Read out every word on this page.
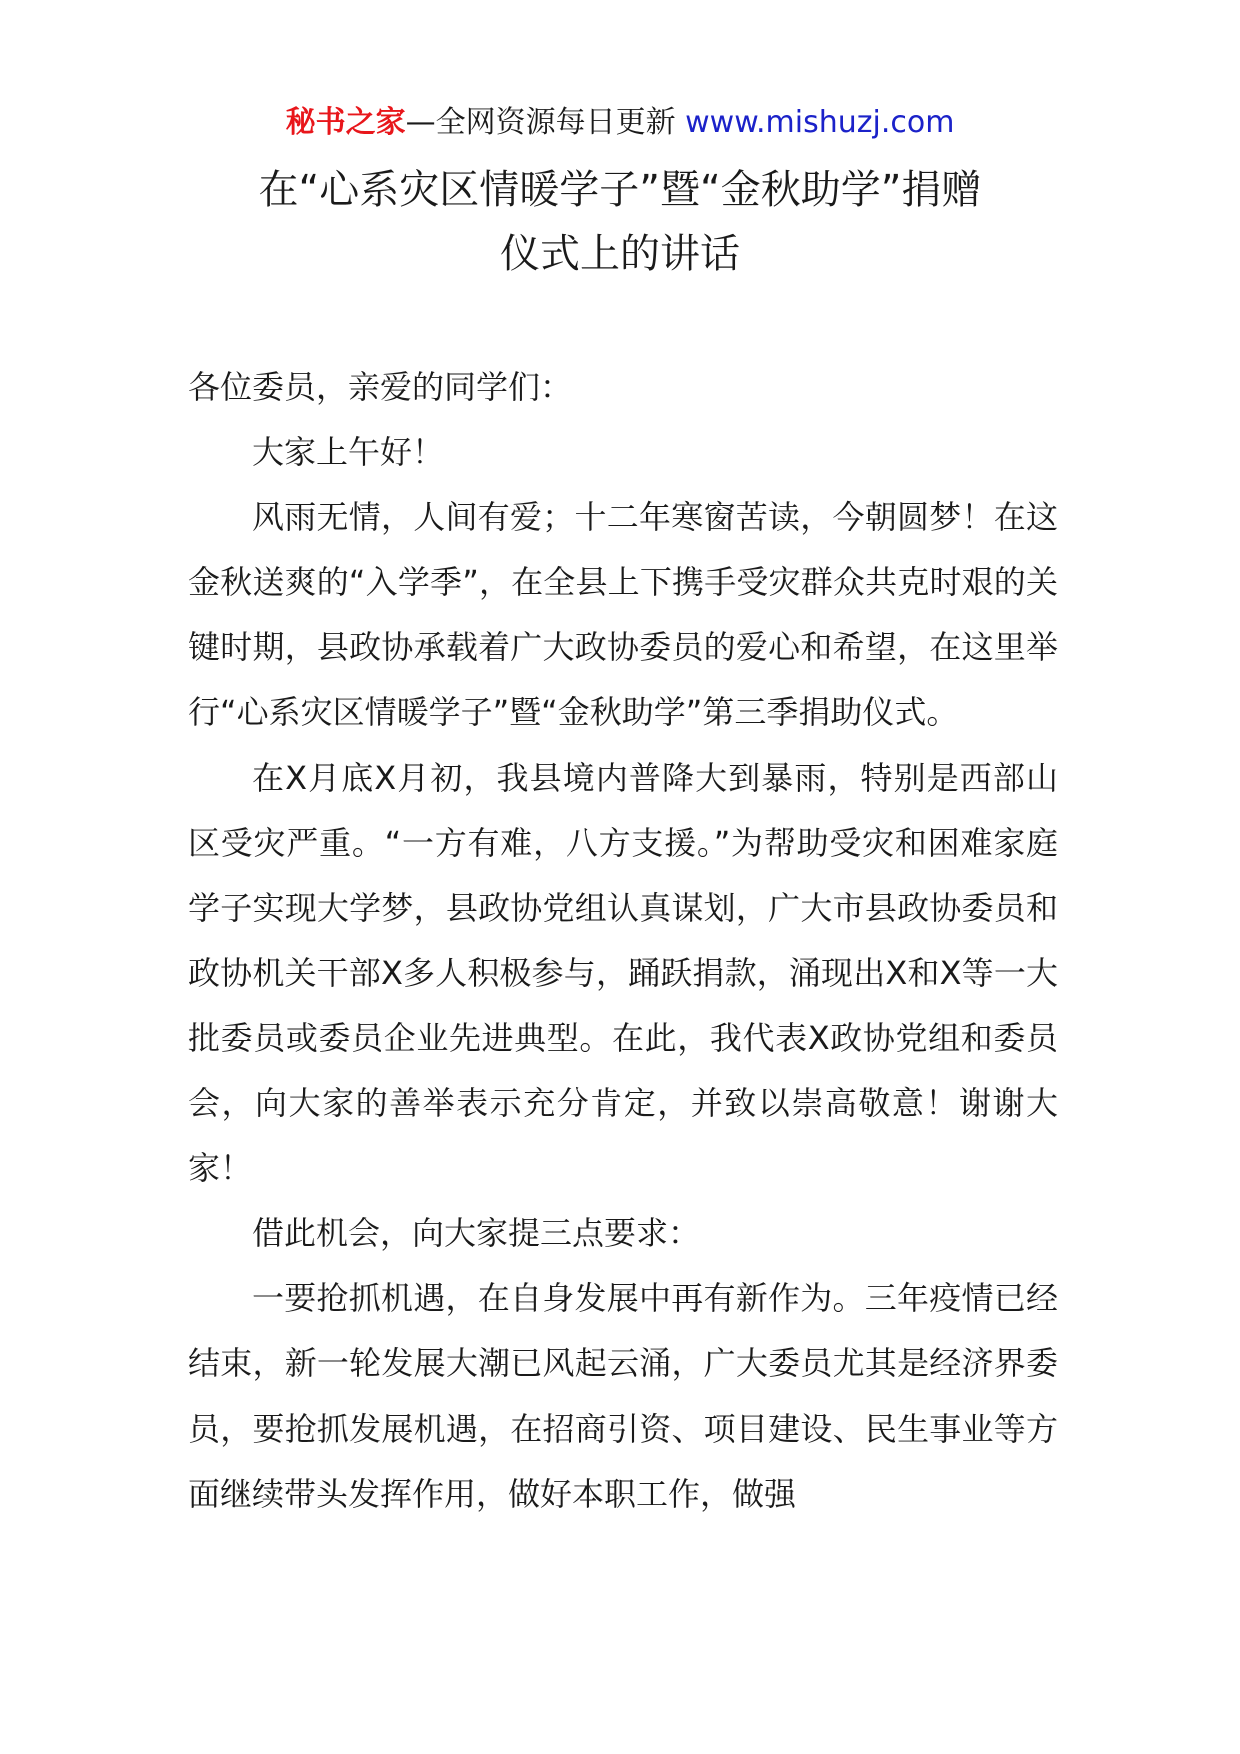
秘书之家—全网资源每日更新 www.mishuzj.com
在“心系灾区情暖学子”暨“金秋助学”捐赠
仪式上的讲话
各位委员，亲爱的同学们：
大家上午好！
风雨无情，人间有爱；十二年寒窗苦读，今朝圆梦！在这金秋送爽的“入学季”，在全县上下携手受灾群众共克时艰的关键时期，县政协承载着广大政协委员的爱心和希望，在这里举行“心系灾区情暖学子”暨“金秋助学”第三季捐助仪式。
在X月底X月初，我县境内普降大到暴雨，特别是西部山区受灾严重。“一方有难，八方支援。”为帮助受灾和困难家庭学子实现大学梦，县政协党组认真谋划，广大市县政协委员和政协机关干部X多人积极参与，踊跃捐款，涌现出X和X等一大批委员或委员企业先进典型。在此，我代表X政协党组和委员会，向大家的善举表示充分肯定，并致以崇高敬意！谢谢大家！
借此机会，向大家提三点要求：
一要抢抓机遇，在自身发展中再有新作为。三年疫情已经结束，新一轮发展大潮已风起云涌，广大委员尤其是经济界委员，要抢抓发展机遇，在招商引资、项目建设、民生事业等方面继续带头发挥作用，做好本职工作，做强
